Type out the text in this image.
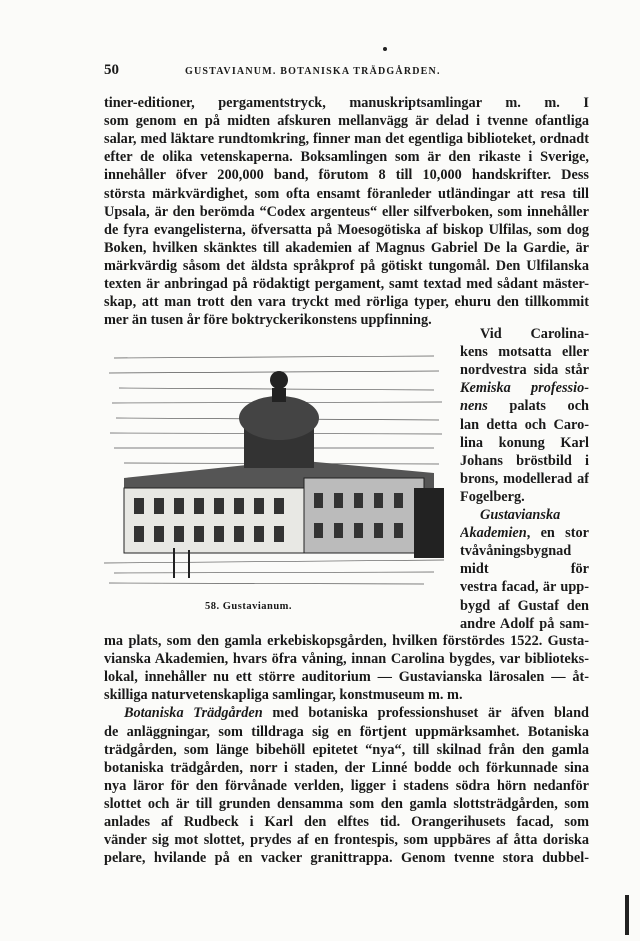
50	GUSTAVIANUM. BOTANISKA TRÄDGÅRDEN.
tiner-editioner, pergamentstryck, manuskriptsamlingar m. m. I
som genom en på midten afskuren mellanvägg är delad i tvenne ofantliga
salar, med läktare rundtomkring, finner man det egentliga biblioteket, ordnadt
efter de olika vetenskaperna. Boksamlingen som är den rikaste i Sverige,
innehåller öfver 200,000 band, förutom 8 till 10,000 handskrifter. Dess
största märkvärdighet, som ofta ensamt föranleder utländingar att resa till
Upsala, är den berömda “Codex argenteus“ eller silfverboken, som innehåller
de fyra evangelisterna, öfversatta på Moesogötiska af biskop Ulfilas, som dog
Boken, hvilken skänktes till akademien af Magnus Gabriel De la Gardie, är
märkvärdig såsom det äldsta språkprof på götiskt tungomål. Den Ulfilanska
texten är anbringad på rödaktigt pergament, samt textad med sådant mäster-
skap, att man trott den vara tryckt med rörliga typer, ehuru den tillkommit
mer än tusen år före boktryckerikonstens uppfinning.
Vid Carolina-
kens motsatta eller
nordvestra sida står
Kemiska professio-
nens palats och
lan detta och Caro-
lina konung Karl
Johans bröstbild i
brons, modellerad af
Fogelberg.
Gustavianska
Akademien, en stor
tvåvåningsbygnad
midt för
vestra facad, är upp-
bygd af Gustaf den
andre Adolf på sam-
58. Gustavianum.
ma plats, som den gamla erkebiskopsgården, hvilken förstördes 1522. Gusta-
vianska Akademien, hvars öfra våning, innan Carolina bygdes, var biblioteks-
lokal, innehåller nu ett större auditorium — Gustavianska lärosalen — åt-
skilliga naturvetenskapliga samlingar, konstmuseum m. m.
Botaniska Trädgården med botaniska professionshuset är äfven bland
de anläggningar, som tilldraga sig en förtjent uppmärksamhet. Botaniska
trädgården, som länge bibehöll epitetet “nya“, till skilnad från den gamla
botaniska trädgården, norr i staden, der Linné bodde och förkunnade sina
nya läror för den förvånade verlden, ligger i stadens södra hörn nedanför
slottet och är till grunden densamma som den gamla slottsträdgården, som
anlades af Rudbeck i Karl den elftes tid. Orangerihusets facad, som
vänder sig mot slottet, prydes af en frontespis, som uppbäres af åtta doriska
pelare, hvilande på en vacker granittrappa. Genom tvenne stora dubbel-
